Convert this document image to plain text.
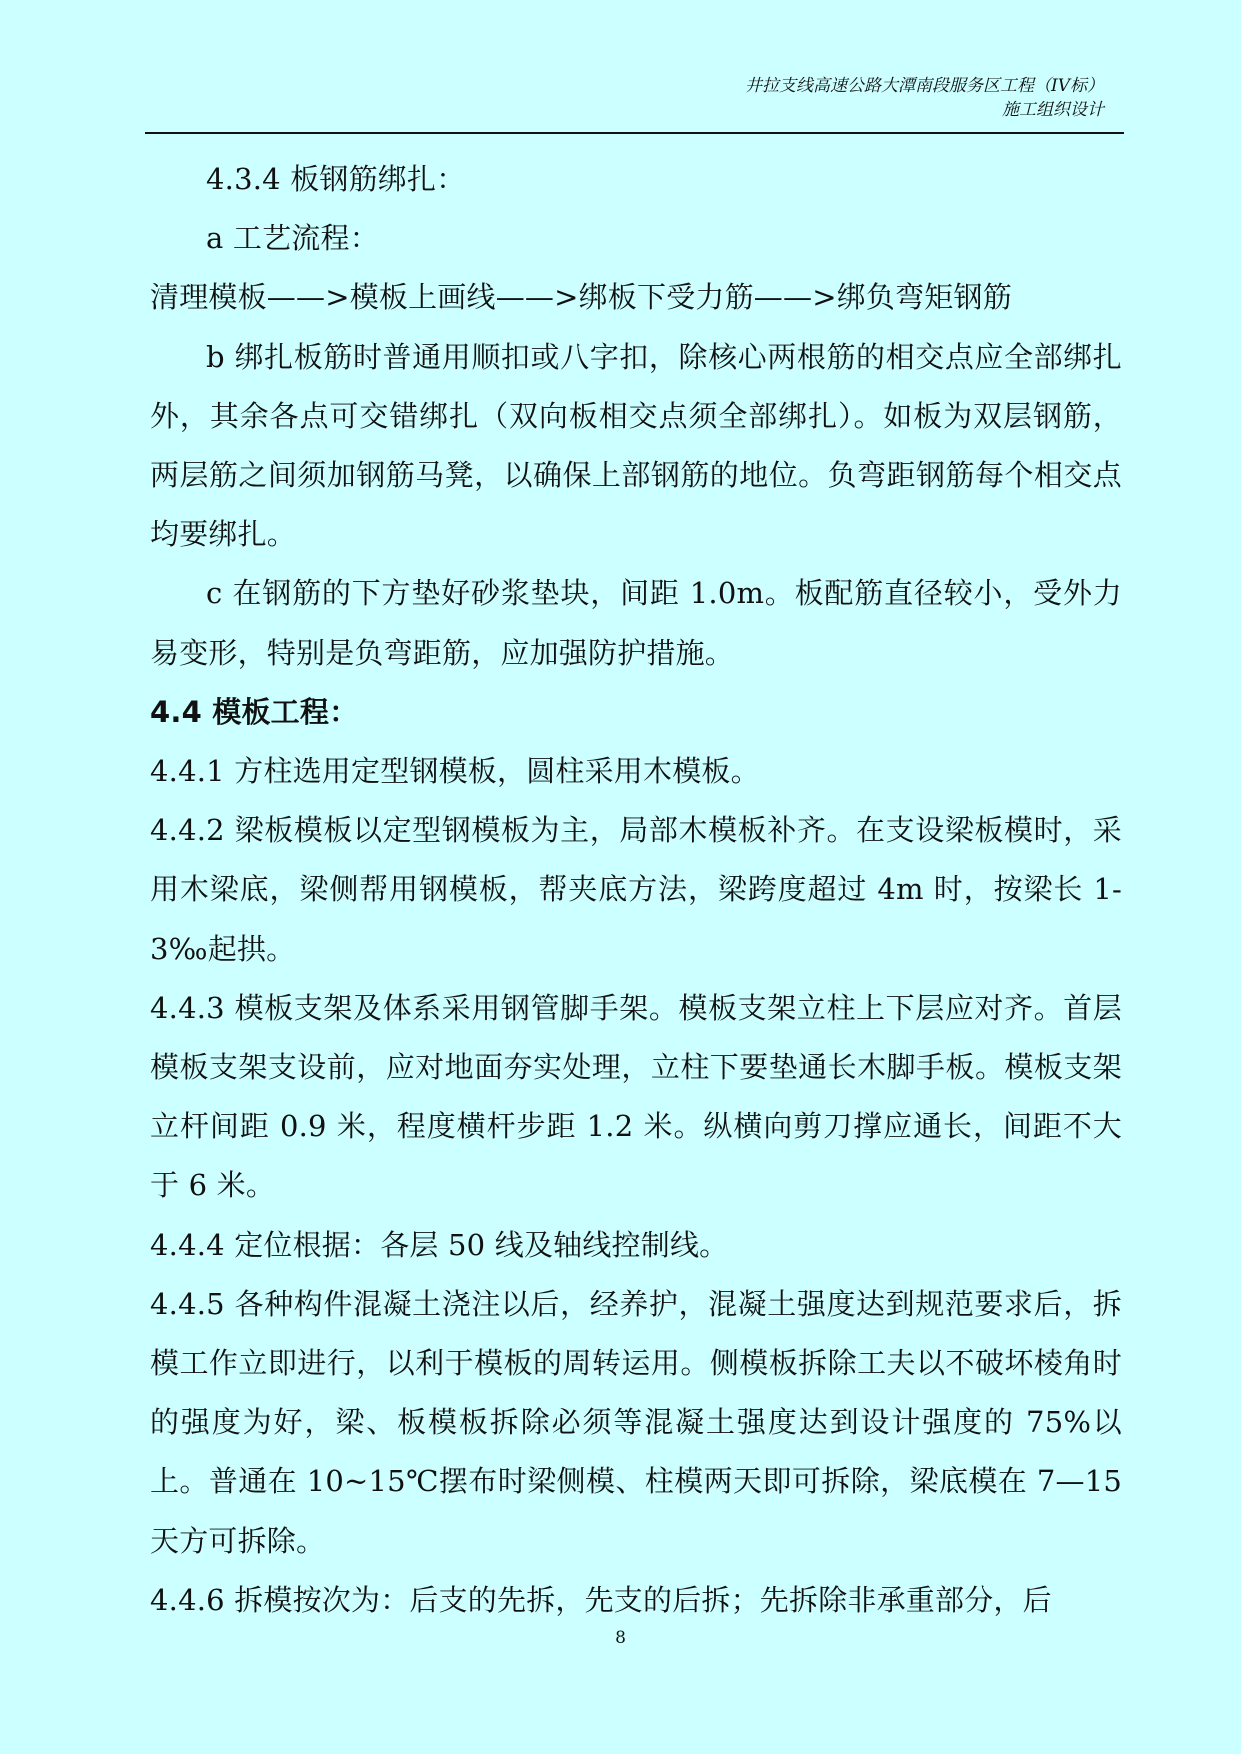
井拉支线高速公路大潭南段服务区工程（IV标）
施工组织设计

4.3.4 板钢筋绑扎：

a 工艺流程：

清理模板——>模板上画线——>绑板下受力筋——>绑负弯矩钢筋

b 绑扎板筋时普通用顺扣或八字扣，除核心两根筋的相交点应全部绑扎外，其余各点可交错绑扎（双向板相交点须全部绑扎）。如板为双层钢筋，两层筋之间须加钢筋马凳，以确保上部钢筋的地位。负弯距钢筋每个相交点均要绑扎。

c 在钢筋的下方垫好砂浆垫块，间距 1.0m。板配筋直径较小，受外力易变形，特别是负弯距筋，应加强防护措施。

4.4 模板工程：

4.4.1 方柱选用定型钢模板，圆柱采用木模板。

4.4.2 梁板模板以定型钢模板为主，局部木模板补齐。在支设梁板模时，采用木梁底，梁侧帮用钢模板，帮夹底方法，梁跨度超过 4m 时，按梁长 1-3‰起拱。

4.4.3 模板支架及体系采用钢管脚手架。模板支架立柱上下层应对齐。首层模板支架支设前，应对地面夯实处理，立柱下要垫通长木脚手板。模板支架立杆间距 0.9 米，程度横杆步距 1.2 米。纵横向剪刀撑应通长，间距不大于 6 米。

4.4.4 定位根据：各层 50 线及轴线控制线。

4.4.5 各种构件混凝土浇注以后，经养护，混凝土强度达到规范要求后，拆模工作立即进行，以利于模板的周转运用。侧模板拆除工夫以不破坏棱角时的强度为好，梁、板模板拆除必须等混凝土强度达到设计强度的 75%以上。普通在 10~15℃摆布时梁侧模、柱模两天即可拆除，梁底模在 7—15 天方可拆除。

4.4.6 拆模按次为：后支的先拆，先支的后拆；先拆除非承重部分，后

8
